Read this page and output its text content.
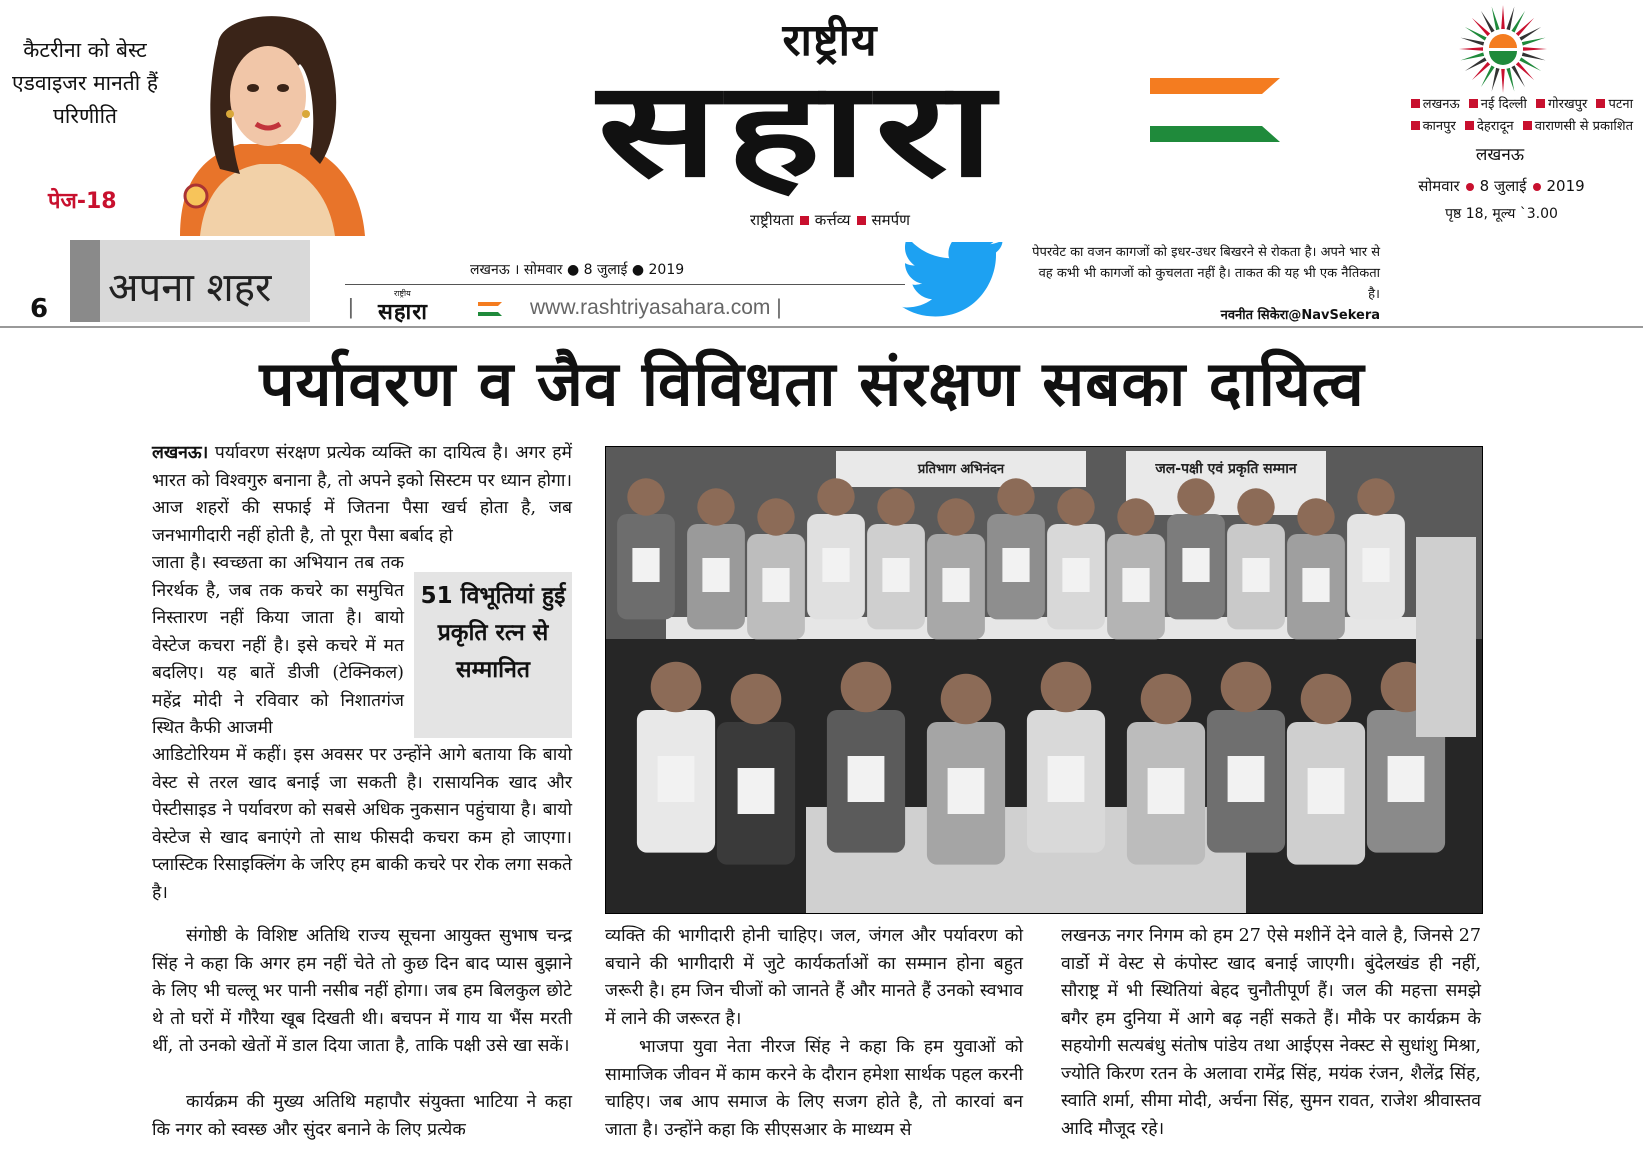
कैटरीना को बेस्ट एडवाइजर मानती हैं परिणीति
पेज-18
राष्ट्रीय
सहारा
राष्ट्रीयता कर्त्तव्य समर्पण
लखनऊ नई दिल्ली गोरखपुर पटना
कानपुर देहरादून वाराणसी से प्रकाशित
लखनऊ
सोमवार 8 जुलाई 2019
पृष्ठ 18, मूल्य `3.00
6 अपना शहर	लखनऊ । सोमवार ● 8 जुलाई ● 2019
|
राष्ट्रीय
सहारा	www.rashtriyasahara.com |
पेपरवेट का वजन कागजों को इधर-उधर बिखरने से रोकता है। अपने भार से वह कभी भी कागजों को कुचलता नहीं है। ताकत की यह भी एक नैतिकता है।
नवनीत सिकेरा@NavSekera
पर्यावरण व जैव विविधता संरक्षण सबका दायित्व
लखनऊ। पर्यावरण संरक्षण प्रत्येक व्यक्ति का दायित्व है। अगर हमें भारत को विश्वगुरु बनाना है, तो अपने इको सिस्टम पर ध्यान होगा। आज शहरों की सफाई में जितना पैसा खर्च होता है, जब जनभागीदारी नहीं होती है, तो पूरा पैसा बर्बाद हो
जाता है। स्वच्छता का अभियान तब तक निरर्थक है, जब तक कचरे का समुचित निस्तारण नहीं किया जाता है। बायो वेस्टेज कचरा नहीं है। इसे कचरे में मत बदलिए। यह बातें डीजी (टेक्निकल) महेंद्र मोदी ने रविवार को निशातगंज स्थित कैफी आजमी
51 विभूतियां हुई प्रकृति रत्न से सम्मानित
आडिटोरियम में कहीं। इस अवसर पर उन्होंने आगे बताया कि बायो वेस्ट से तरल खाद बनाई जा सकती है। रासायनिक खाद और पेस्टीसाइड ने पर्यावरण को सबसे अधिक नुकसान पहुंचाया है। बायो वेस्टेज से खाद बनाएंगे तो साथ फीसदी कचरा कम हो जाएगा। प्लास्टिक रिसाइक्लिंग के जरिए हम बाकी कचरे पर रोक लगा सकते है।
संगोष्ठी के विशिष्ट अतिथि राज्य सूचना आयुक्त सुभाष चन्द्र सिंह ने कहा कि अगर हम नहीं चेते तो कुछ दिन बाद प्यास बुझाने के लिए भी चल्लू भर पानी नसीब नहीं होगा। जब हम बिलकुल छोटे थे तो घरों में गौरैया खूब दिखती थी। बचपन में गाय या भैंस मरती थीं, तो उनको खेतों में डाल दिया जाता है, ताकि पक्षी उसे खा सकें।
कार्यक्रम की मुख्य अतिथि महापौर संयुक्ता भाटिया ने कहा कि नगर को स्वस्छ और सुंदर बनाने के लिए प्रत्येक
प्रतिभाग अभिनंदन	जल-पक्षी एवं प्रकृति सम्मान
व्यक्ति की भागीदारी होनी चाहिए। जल, जंगल और पर्यावरण को बचाने की भागीदारी में जुटे कार्यकर्ताओं का सम्मान होना बहुत जरूरी है। हम जिन चीजों को जानते हैं और मानते हैं उनको स्वभाव में लाने की जरूरत है।
भाजपा युवा नेता नीरज सिंह ने कहा कि हम युवाओं को सामाजिक जीवन में काम करने के दौरान हमेशा सार्थक पहल करनी चाहिए। जब आप समाज के लिए सजग होते है, तो कारवां बन जाता है। उन्होंने कहा कि सीएसआर के माध्यम से
लखनऊ नगर निगम को हम 27 ऐसे मशीनें देने वाले है, जिनसे 27 वार्डो में वेस्ट से कंपोस्ट खाद बनाई जाएगी। बुंदेलखंड ही नहीं, सौराष्ट्र में भी स्थितियां बेहद चुनौतीपूर्ण हैं। जल की महत्ता समझे बगैर हम दुनिया में आगे बढ़ नहीं सकते हैं। मौके पर कार्यक्रम के सहयोगी सत्यबंधु संतोष पांडेय तथा आईएस नेक्स्ट से सुधांशु मिश्रा, ज्योति किरण रतन के अलावा रामेंद्र सिंह, मयंक रंजन, शैलेंद्र सिंह, स्वाति शर्मा, सीमा मोदी, अर्चना सिंह, सुमन रावत, राजेश श्रीवास्तव आदि मौजूद रहे।
